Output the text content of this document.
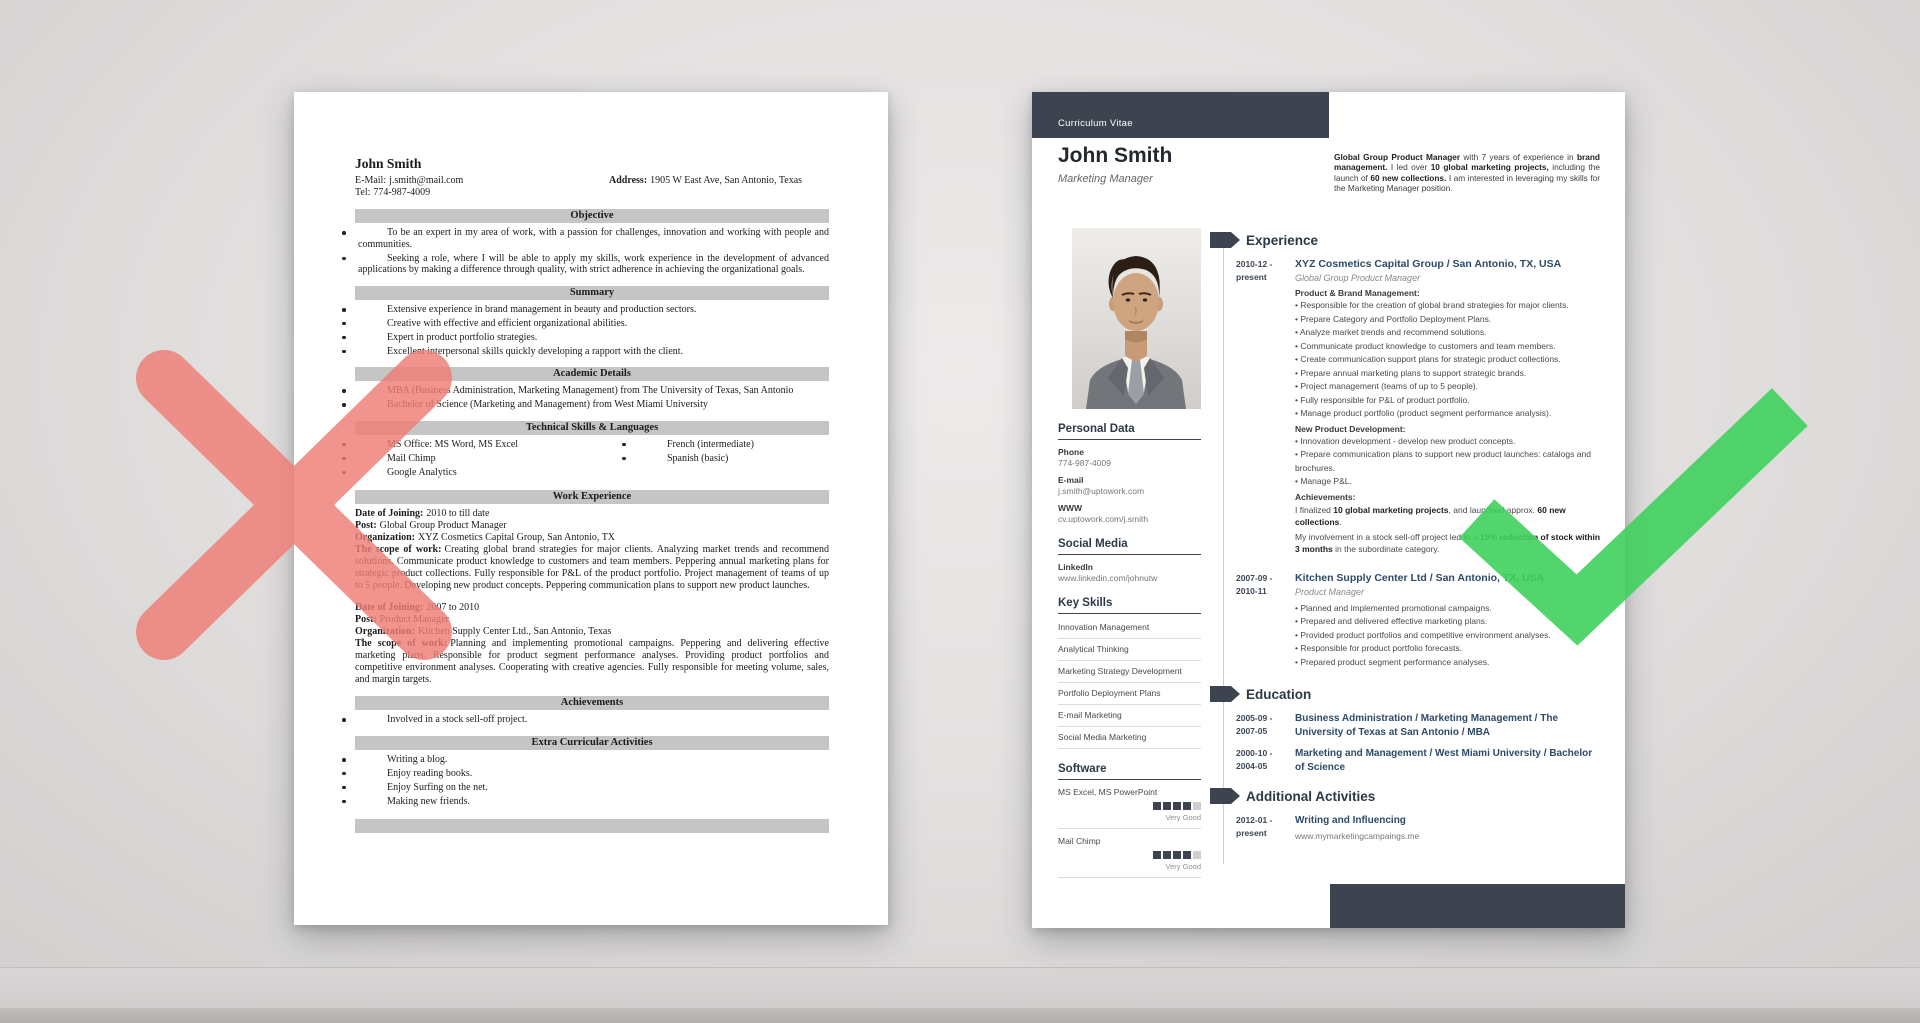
John Smith
E-Mail: j.smith@mail.com
Tel: 774-987-4009
Address: 1905 W East Ave, San Antonio, Texas
Objective
To be an expert in my area of work, with a passion for challenges, innovation and working with people and communities.
Seeking a role, where I will be able to apply my skills, work experience in the development of advanced applications by making a difference through quality, with strict adherence in achieving the organizational goals.
Summary
Extensive experience in brand management in beauty and production sectors.
Creative with effective and efficient organizational abilities.
Expert in product portfolio strategies.
Excellent interpersonal skills quickly developing a rapport with the client.
Academic Details
MBA (Business Administration, Marketing Management) from The University of Texas, San Antonio
Bachelor of Science (Marketing and Management) from West Miami University
Technical Skills & Languages
MS Office: MS Word, MS Excel
Mail Chimp
Google Analytics
French (intermediate)
Spanish (basic)
Work Experience
Date of Joining: 2010 to till date
Post: Global Group Product Manager
Organization: XYZ Cosmetics Capital Group, San Antonio, TX
The scope of work: Creating global brand strategies for major clients. Analyzing market trends and recommend solutions. Communicate product knowledge to customers and team members. Peppering annual marketing plans for strategic product collections. Fully responsible for P&L of the product portfolio. Project management of teams of up to 5 people. Developing new product concepts. Peppering communication plans to support new product launches.
Date of Joining: 2007 to 2010
Post: Product Manager
Organization: Kitchen Supply Center Ltd., San Antonio, Texas
The scope of work: Planning and implementing promotional campaigns. Peppering and delivering effective marketing plans. Responsible for product segment performance analyses. Providing product portfolios and competitive environment analyses. Cooperating with creative agencies. Fully responsible for meeting volume, sales, and margin targets.
Achievements
Involved in a stock sell-off project.
Extra Curricular Activities
Writing a blog.
Enjoy reading books.
Enjoy Surfing on the net.
Making new friends.
Curriculum Vitae
John Smith
Marketing Manager
Global Group Product Manager with 7 years of experience in brand management. I led over 10 global marketing projects, including the launch of 60 new collections. I am interested in leveraging my skills for the Marketing Manager position.
Personal Data
Phone
774-987-4009
E-mail
j.smith@uptowork.com
WWW
cv.uptowork.com/j.smith
Social Media
LinkedIn
www.linkedin.com/johnutw
Key Skills
Innovation Management
Analytical Thinking
Marketing Strategy Development
Portfolio Deployment Plans
E-mail Marketing
Social Media Marketing
Software
MS Excel, MS PowerPoint
Very Good
Mail Chimp
Very Good
Experience
2010-12 -
present
XYZ Cosmetics Capital Group / San Antonio, TX, USA
Global Group Product Manager
Product & Brand Management:
• Responsible for the creation of global brand strategies for major clients.
• Prepare Category and Portfolio Deployment Plans.
• Analyze market trends and recommend solutions.
• Communicate product knowledge to customers and team members.
• Create communication support plans for strategic product collections.
• Prepare annual marketing plans to support strategic brands.
• Project management (teams of up to 5 people).
• Fully responsible for P&L of product portfolio.
• Manage product portfolio (product segment performance analysis).
New Product Development:
• Innovation development - develop new product concepts.
• Prepare communication plans to support new product launches: catalogs and brochures.
• Manage P&L.
Achievements:
I finalized 10 global marketing projects, and launched approx. 60 new collections.
My involvement in a stock sell-off project led to a 19% reduction of stock within 3 months in the subordinate category.
2007-09 -
2010-11
Kitchen Supply Center Ltd / San Antonio, TX, USA
Product Manager
• Planned and implemented promotional campaigns.
• Prepared and delivered effective marketing plans.
• Provided product portfolios and competitive environment analyses.
• Responsible for product portfolio forecasts.
• Prepared product segment performance analyses.
Education
2005-09 -
2007-05
Business Administration / Marketing Management / The University of Texas at San Antonio / MBA
2000-10 -
2004-05
Marketing and Management / West Miami University / Bachelor of Science
Additional Activities
2012-01 -
present
Writing and Influencing
www.mymarketingcampaings.me
